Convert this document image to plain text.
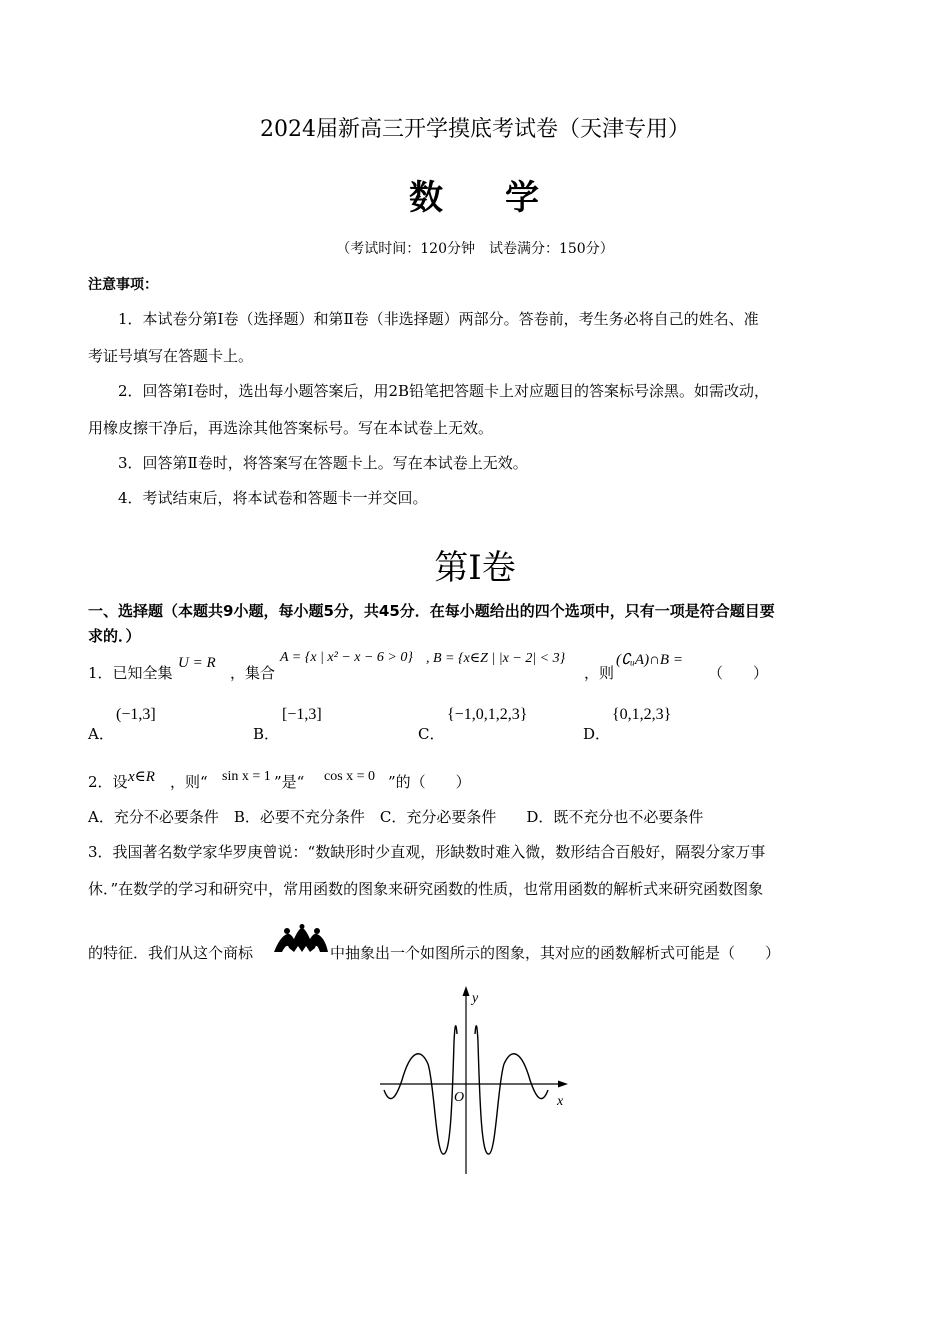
2024届新高三开学摸底考试卷（天津专用）
数 学
（考试时间：120分钟　试卷满分：150分）
注意事项：
1．本试卷分第Ⅰ卷（选择题）和第Ⅱ卷（非选择题）两部分。答卷前，考生务必将自己的姓名、准
考证号填写在答题卡上。
2．回答第Ⅰ卷时，选出每小题答案后，用2B铅笔把答题卡上对应题目的答案标号涂黑。如需改动，
用橡皮擦干净后，再选涂其他答案标号。写在本试卷上无效。
3．回答第Ⅱ卷时，将答案写在答题卡上。写在本试卷上无效。
4．考试结束后，将本试卷和答题卡一并交回。
第Ⅰ卷
一、选择题（本题共9小题，每小题5分，共45分．在每小题给出的四个选项中，只有一项是符合题目要
求的．）
1．已知全集
U = R
，集合
A = {x | x² − x − 6 > 0} , B = {x∈Z | |x − 2| < 3}
，则
(∁ᵤA)∩B =
（　　）
A．
(−1,3]
B．
[−1,3]
C．
{−1,0,1,2,3}
D．
{0,1,2,3}
2．设 x∈R ，则“ sin x = 1 ”是“ cos x = 0 ”的（　　）
A．充分不必要条件　B．必要不充分条件　C．充分必要条件　　D．既不充分也不必要条件
3．我国著名数学家华罗庚曾说：“数缺形时少直观，形缺数时难入微，数形结合百般好，隔裂分家万事
休．”在数学的学习和研究中，常用函数的图象来研究函数的性质，也常用函数的解析式来研究函数图象
的特征．我们从这个商标	中抽象出一个如图所示的图象，其对应的函数解析式可能是（　　）
y
x
O
